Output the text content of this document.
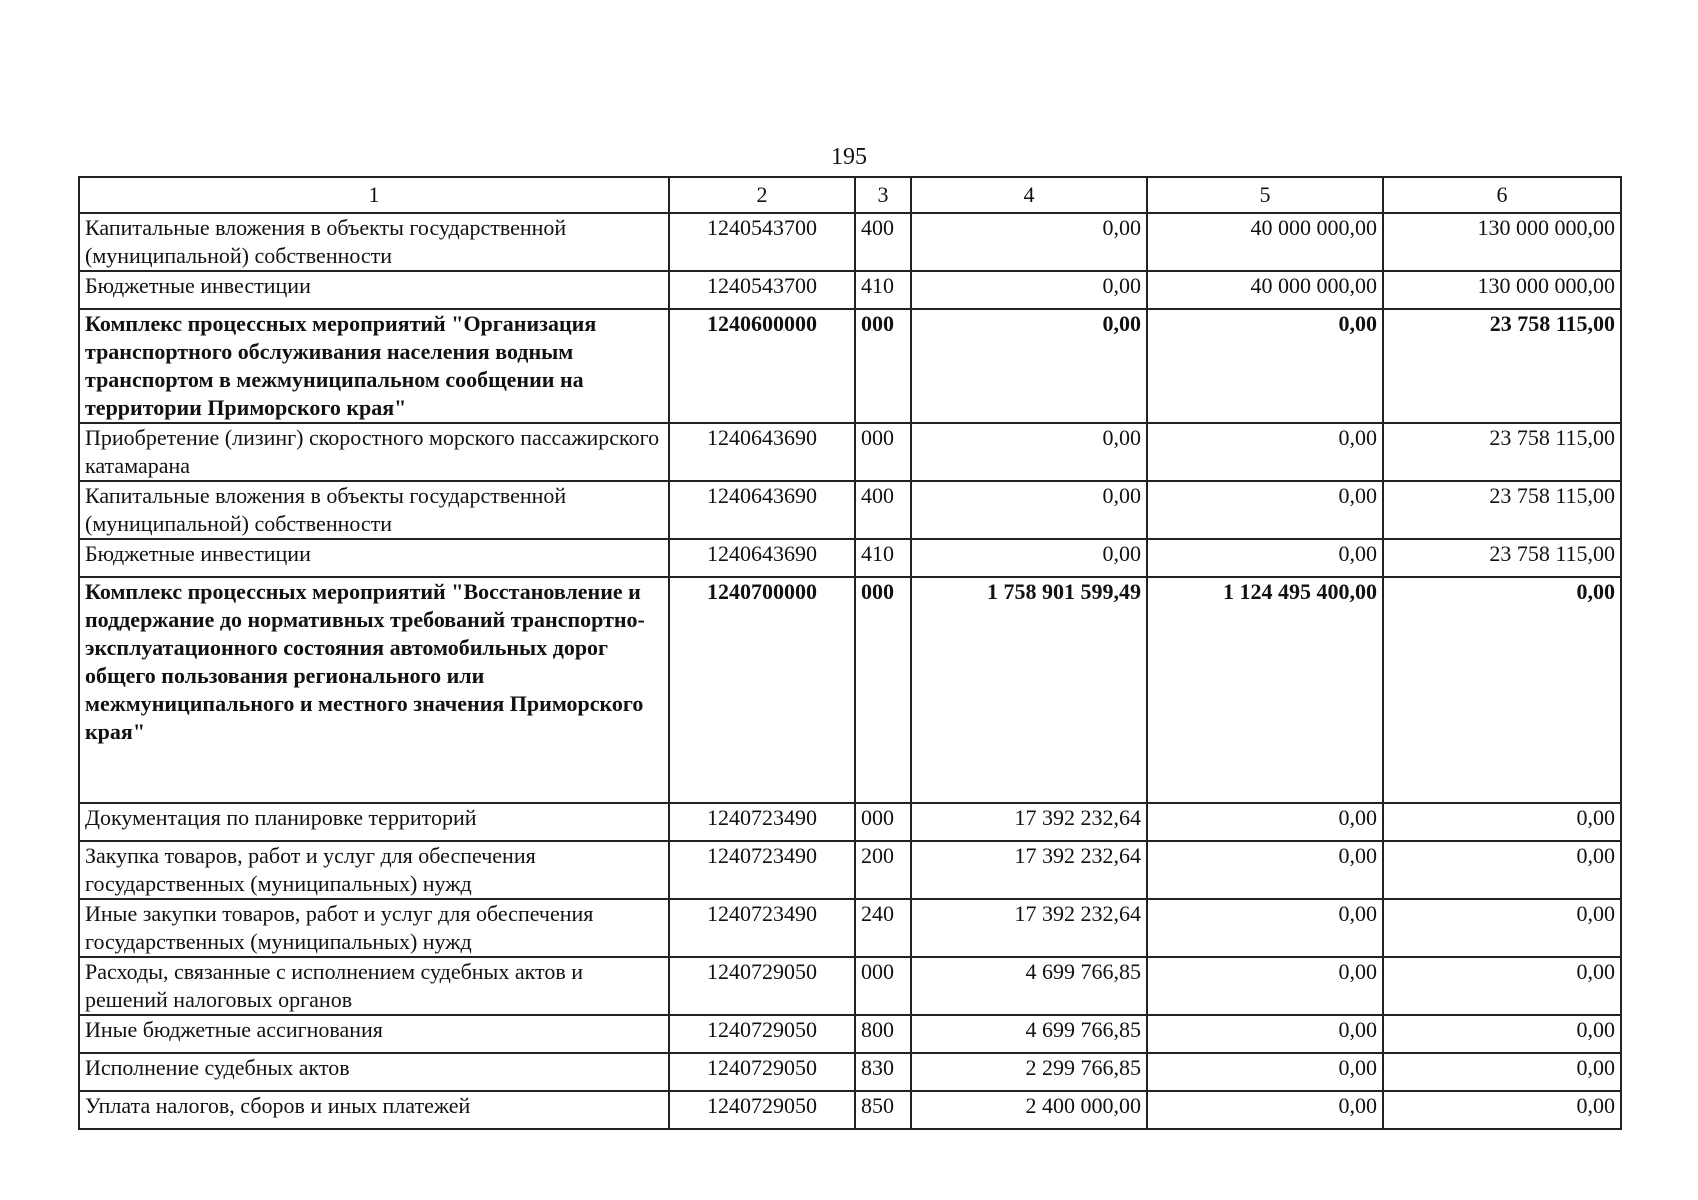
195
1	2	3	4	5	6
Капитальные вложения в объекты государственной (муниципальной) собственности	1240543700	400	0,00	40 000 000,00	130 000 000,00
Бюджетные инвестиции	1240543700	410	0,00	40 000 000,00	130 000 000,00
Комплекс процессных мероприятий "Организация транспортного обслуживания населения водным транспортом в межмуниципальном сообщении на территории Приморского края"	1240600000	000	0,00	0,00	23 758 115,00
Приобретение (лизинг) скоростного морского пассажирского катамарана	1240643690	000	0,00	0,00	23 758 115,00
Капитальные вложения в объекты государственной (муниципальной) собственности	1240643690	400	0,00	0,00	23 758 115,00
Бюджетные инвестиции	1240643690	410	0,00	0,00	23 758 115,00
Комплекс процессных мероприятий "Восстановление и поддержание до нормативных требований транспортно-эксплуатационного состояния автомобильных дорог общего пользования регионального или межмуниципального и местного значения Приморского края"	1240700000	000	1 758 901 599,49	1 124 495 400,00	0,00
Документация по планировке территорий	1240723490	000	17 392 232,64	0,00	0,00
Закупка товаров, работ и услуг для обеспечения государственных (муниципальных) нужд	1240723490	200	17 392 232,64	0,00	0,00
Иные закупки товаров, работ и услуг для обеспечения государственных (муниципальных) нужд	1240723490	240	17 392 232,64	0,00	0,00
Расходы, связанные с исполнением судебных актов и решений налоговых органов	1240729050	000	4 699 766,85	0,00	0,00
Иные бюджетные ассигнования	1240729050	800	4 699 766,85	0,00	0,00
Исполнение судебных актов	1240729050	830	2 299 766,85	0,00	0,00
Уплата налогов, сборов и иных платежей	1240729050	850	2 400 000,00	0,00	0,00
